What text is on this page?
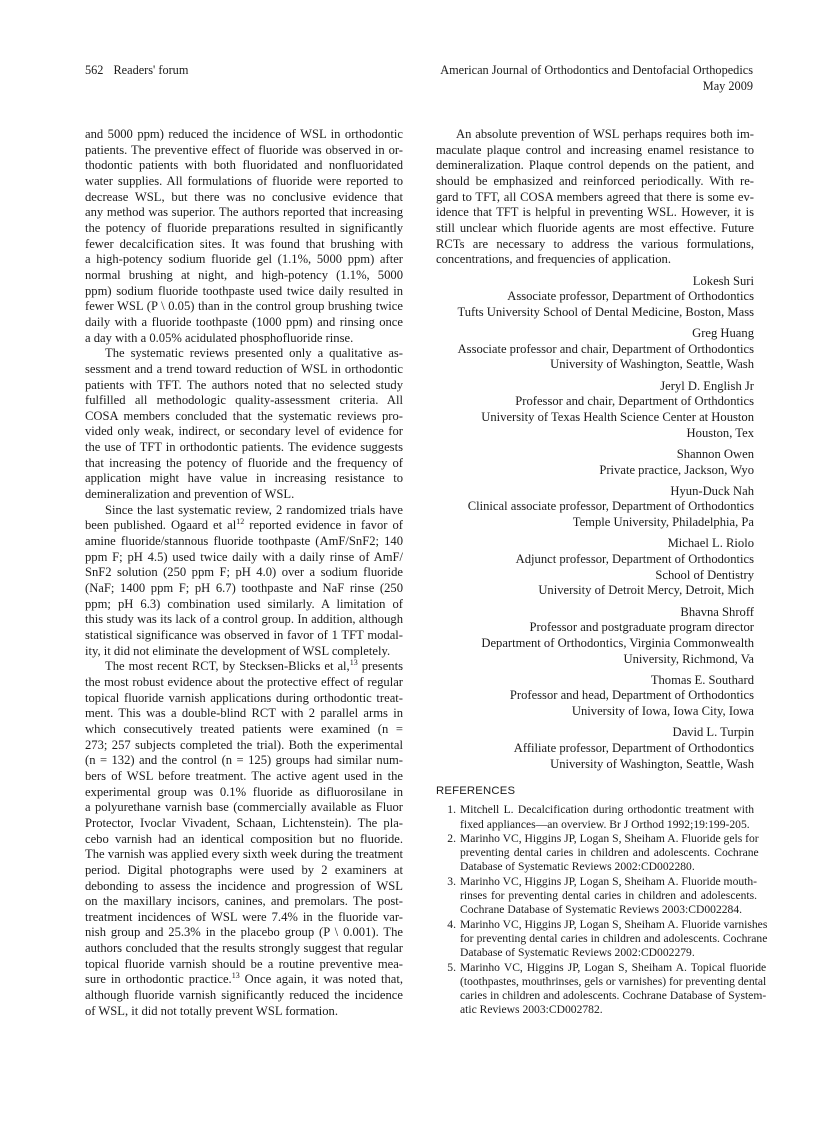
562 Readers' forum	American Journal of Orthodontics and Dentofacial Orthopedics
May 2009
and 5000 ppm) reduced the incidence of WSL in orthodontic
patients. The preventive effect of fluoride was observed in or-
thodontic patients with both fluoridated and nonfluoridated
water supplies. All formulations of fluoride were reported to
decrease WSL, but there was no conclusive evidence that
any method was superior. The authors reported that increasing
the potency of fluoride preparations resulted in significantly
fewer decalcification sites. It was found that brushing with
a high-potency sodium fluoride gel (1.1%, 5000 ppm) after
normal brushing at night, and high-potency (1.1%, 5000
ppm) sodium fluoride toothpaste used twice daily resulted in
fewer WSL (P \ 0.05) than in the control group brushing twice
daily with a fluoride toothpaste (1000 ppm) and rinsing once
a day with a 0.05% acidulated phosphofluoride rinse.
The systematic reviews presented only a qualitative as-
sessment and a trend toward reduction of WSL in orthodontic
patients with TFT. The authors noted that no selected study
fulfilled all methodologic quality-assessment criteria. All
COSA members concluded that the systematic reviews pro-
vided only weak, indirect, or secondary level of evidence for
the use of TFT in orthodontic patients. The evidence suggests
that increasing the potency of fluoride and the frequency of
application might have value in increasing resistance to
demineralization and prevention of WSL.
Since the last systematic review, 2 randomized trials have
been published. Ogaard et $al^{12}$ reported evidence in favor of
amine fluoride/stannous fluoride toothpaste (AmF/SnF2; 140
ppm F; pH 4.5) used twice daily with a daily rinse of AmF/
SnF2 solution (250 ppm F; pH 4.0) over a sodium fluoride
(NaF; 1400 ppm F; pH 6.7) toothpaste and NaF rinse (250
ppm; pH 6.3) combination used similarly. A limitation of
this study was its lack of a control group. In addition, although
statistical significance was observed in favor of 1 TFT modal-
ity, it did not eliminate the development of WSL completely.
The most recent RCT, by Stecksen-Blicks et al,$^{13}$ presents
the most robust evidence about the protective effect of regular
topical fluoride varnish applications during orthodontic treat-
ment. This was a double-blind RCT with 2 parallel arms in
which consecutively treated patients were examined (n =
273; 257 subjects completed the trial). Both the experimental
(n = 132) and the control (n = 125) groups had similar num-
bers of WSL before treatment. The active agent used in the
experimental group was 0.1% fluoride as difluorosilane in
a polyurethane varnish base (commercially available as Fluor
Protector, Ivoclar Vivadent, Schaan, Lichtenstein). The pla-
cebo varnish had an identical composition but no fluoride.
The varnish was applied every sixth week during the treatment
period. Digital photographs were used by 2 examiners at
debonding to assess the incidence and progression of WSL
on the maxillary incisors, canines, and premolars. The post-
treatment incidences of WSL were 7.4% in the fluoride var-
nish group and 25.3% in the placebo group (P \ 0.001). The
authors concluded that the results strongly suggest that regular
topical fluoride varnish should be a routine preventive mea-
sure in orthodontic practice.$^{13}$ Once again, it was noted that,
although fluoride varnish significantly reduced the incidence
of WSL, it did not totally prevent WSL formation.
An absolute prevention of WSL perhaps requires both im-
maculate plaque control and increasing enamel resistance to
demineralization. Plaque control depends on the patient, and
should be emphasized and reinforced periodically. With re-
gard to TFT, all COSA members agreed that there is some ev-
idence that TFT is helpful in preventing WSL. However, it is
still unclear which fluoride agents are most effective. Future
RCTs are necessary to address the various formulations,
concentrations, and frequencies of application.
Lokesh Suri
Associate professor, Department of Orthodontics
Tufts University School of Dental Medicine, Boston, Mass
Greg Huang
Associate professor and chair, Department of Orthodontics
University of Washington, Seattle, Wash
Jeryl D. English Jr
Professor and chair, Department of Orthdontics
University of Texas Health Science Center at Houston
Houston, Tex
Shannon Owen
Private practice, Jackson, Wyo
Hyun-Duck Nah
Clinical associate professor, Department of Orthodontics
Temple University, Philadelphia, Pa
Michael L. Riolo
Adjunct professor, Department of Orthodontics
School of Dentistry
University of Detroit Mercy, Detroit, Mich
Bhavna Shroff
Professor and postgraduate program director
Department of Orthodontics, Virginia Commonwealth
University, Richmond, Va
Thomas E. Southard
Professor and head, Department of Orthodontics
University of Iowa, Iowa City, Iowa
David L. Turpin
Affiliate professor, Department of Orthodontics
University of Washington, Seattle, Wash
REFERENCES
1. Mitchell L. Decalcification during orthodontic treatment with
fixed appliances—an overview. Br J Orthod 1992;19:199-205.
2. Marinho VC, Higgins JP, Logan S, Sheiham A. Fluoride gels for
preventing dental caries in children and adolescents. Cochrane
Database of Systematic Reviews 2002:CD002280.
3. Marinho VC, Higgins JP, Logan S, Sheiham A. Fluoride mouth-
rinses for preventing dental caries in children and adolescents.
Cochrane Database of Systematic Reviews 2003:CD002284.
4. Marinho VC, Higgins JP, Logan S, Sheiham A. Fluoride varnishes
for preventing dental caries in children and adolescents. Cochrane
Database of Systematic Reviews 2002:CD002279.
5. Marinho VC, Higgins JP, Logan S, Sheiham A. Topical fluoride
(toothpastes, mouthrinses, gels or varnishes) for preventing dental
caries in children and adolescents. Cochrane Database of System-
atic Reviews 2003:CD002782.
